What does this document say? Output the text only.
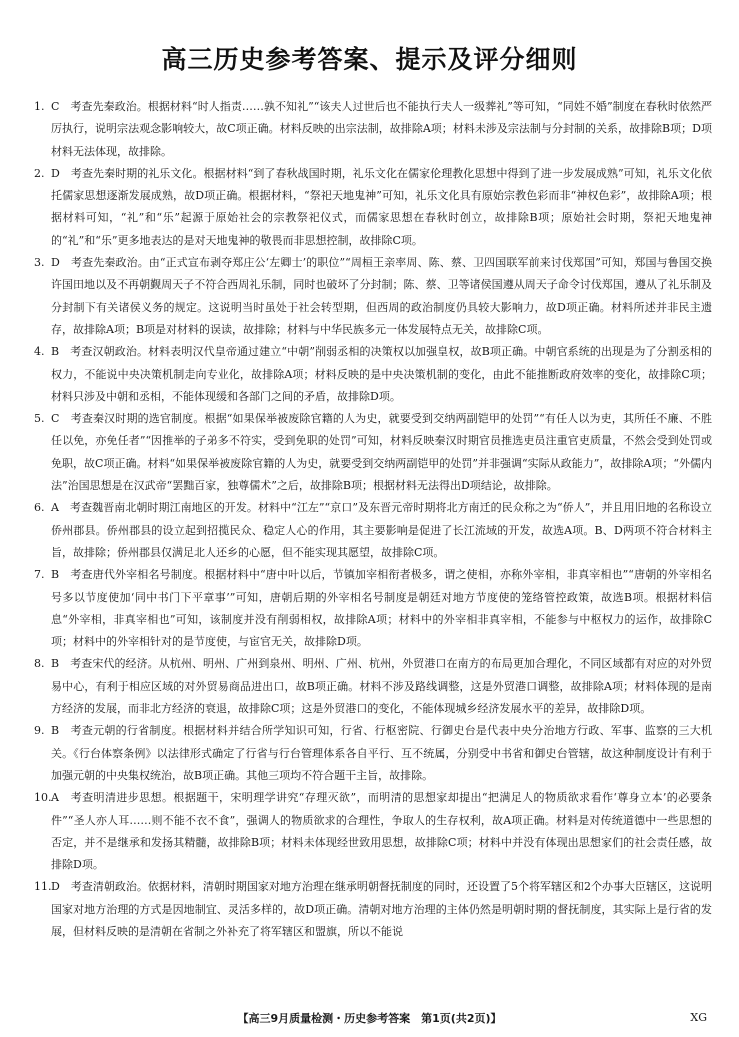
高三历史参考答案、提示及评分细则
1. C　考查先秦政治。根据材料“时人指责……孰不知礼”“该夫人过世后也不能执行夫人一级葬礼”等可知，“同姓不婚”制度在春秋时依然严厉执行，说明宗法观念影响较大，故C项正确。材料反映的出宗法制，故排除A项；材料未涉及宗法制与分封制的关系，故排除B项；D项材料无法体现，故排除。
2. D　考查先秦时期的礼乐文化。根据材料“到了春秋战国时期，礼乐文化在儒家伦理教化思想中得到了进一步发展成熟”可知，礼乐文化依托儒家思想逐渐发展成熟，故D项正确。根据材料，“祭祀天地鬼神”可知，礼乐文化具有原始宗教色彩而非“神权色彩”，故排除A项；根据材料可知，“礼”和“乐”起源于原始社会的宗教祭祀仪式，而儒家思想在春秋时创立，故排除B项；原始社会时期，祭祀天地鬼神的“礼”和“乐”更多地表达的是对天地鬼神的敬畏而非思想控制，故排除C项。
3. D　考查先秦政治。由“正式宣布剥夺郑庄公‘左卿士’的职位”“周桓王亲率周、陈、蔡、卫四国联军前来讨伐郑国”可知，郑国与鲁国交换许国田地以及不再朝觐周天子不符合西周礼乐制，同时也破坏了分封制；陈、蔡、卫等诸侯国遵从周天子命令讨伐郑国，遵从了礼乐制及分封制下有关诸侯义务的规定。这说明当时虽处于社会转型期，但西周的政治制度仍具较大影响力，故D项正确。材料所述并非民主遗存，故排除A项；B项是对材料的误读，故排除；材料与中华民族多元一体发展特点无关，故排除C项。
4. B　考查汉朝政治。材料表明汉代皇帝通过建立“中朝”削弱丞相的决策权以加强皇权，故B项正确。中朝官系统的出现是为了分割丞相的权力，不能说中央决策机制走向专业化，故排除A项；材料反映的是中央决策机制的变化，由此不能推断政府效率的变化，故排除C项；材料只涉及中朝和丞相，不能体现缓和各部门之间的矛盾，故排除D项。
5. C　考查秦汉时期的选官制度。根据“如果保举被废除官籍的人为史，就要受到交纳两副铠甲的处罚”“有任人以为吏，其所任不廉、不胜任以免，亦免任者”“因推举的子弟多不符实，受到免职的处罚”可知，材料反映秦汉时期官员推选吏员注重官吏质量，不然会受到处罚或免职，故C项正确。材料“如果保举被废除官籍的人为史，就要受到交纳两副铠甲的处罚”并非强调“实际从政能力”，故排除A项；“外儒内法”治国思想是在汉武帝“罢黜百家，独尊儒术”之后，故排除B项；根据材料无法得出D项结论，故排除。
6. A　考查魏晋南北朝时期江南地区的开发。材料中“江左”“京口”及东晋元帝时期将北方南迁的民众称之为“侨人”，并且用旧地的名称设立侨州郡县。侨州郡县的设立起到招揽民众、稳定人心的作用，其主要影响是促进了长江流域的开发，故选A项。B、D两项不符合材料主旨，故排除；侨州郡县仅满足北人还乡的心愿，但不能实现其愿望，故排除C项。
7. B　考查唐代外宰相名号制度。根据材料中“唐中叶以后，节镇加宰相衔者极多，谓之使相，亦称外宰相，非真宰相也”“唐朝的外宰相名号多以节度使加‘同中书门下平章事’”可知，唐朝后期的外宰相名号制度是朝廷对地方节度使的笼络管控政策，故选B项。根据材料信息“外宰相，非真宰相也”可知，该制度并没有削弱相权，故排除A项；材料中的外宰相非真宰相，不能参与中枢权力的运作，故排除C项；材料中的外宰相针对的是节度使，与宦官无关，故排除D项。
8. B　考查宋代的经济。从杭州、明州、广州到泉州、明州、广州、杭州，外贸港口在南方的布局更加合理化，不同区域都有对应的对外贸易中心，有利于相应区域的对外贸易商品进出口，故B项正确。材料不涉及路线调整，这是外贸港口调整，故排除A项；材料体现的是南方经济的发展，而非北方经济的衰退，故排除C项；这是外贸港口的变化，不能体现城乡经济发展水平的差异，故排除D项。
9. B　考查元朝的行省制度。根据材料并结合所学知识可知，行省、行枢密院、行御史台是代表中央分治地方行政、军事、监察的三大机关。《行台体察条例》以法律形式确定了行省与行台管理体系各自平行、互不统属，分别受中书省和御史台管辖，故这种制度设计有利于加强元朝的中央集权统治，故B项正确。其他三项均不符合题干主旨，故排除。
10. A　考查明清进步思想。根据题干，宋明理学讲究“存理灭欲”，而明清的思想家却提出“把满足人的物质欲求看作‘尊身立本’的必要条件”“圣人亦人耳……则不能不衣不食”，强调人的物质欲求的合理性，争取人的生存权利，故A项正确。材料是对传统道德中一些思想的否定，并不是继承和发扬其精髓，故排除B项；材料未体现经世致用思想，故排除C项；材料中并没有体现出思想家们的社会责任感，故排除D项。
11. D　考查清朝政治。依据材料，清朝时期国家对地方治理在继承明朝督抚制度的同时，还设置了5个将军辖区和2个办事大臣辖区，这说明国家对地方治理的方式是因地制宜、灵活多样的，故D项正确。清朝对地方治理的主体仍然是明朝时期的督抚制度，其实际上是行省的发展，但材料反映的是清朝在省制之外补充了将军辖区和盟旗，所以不能说
【高三9月质量检测・历史参考答案　第1页(共2页)】	XG
